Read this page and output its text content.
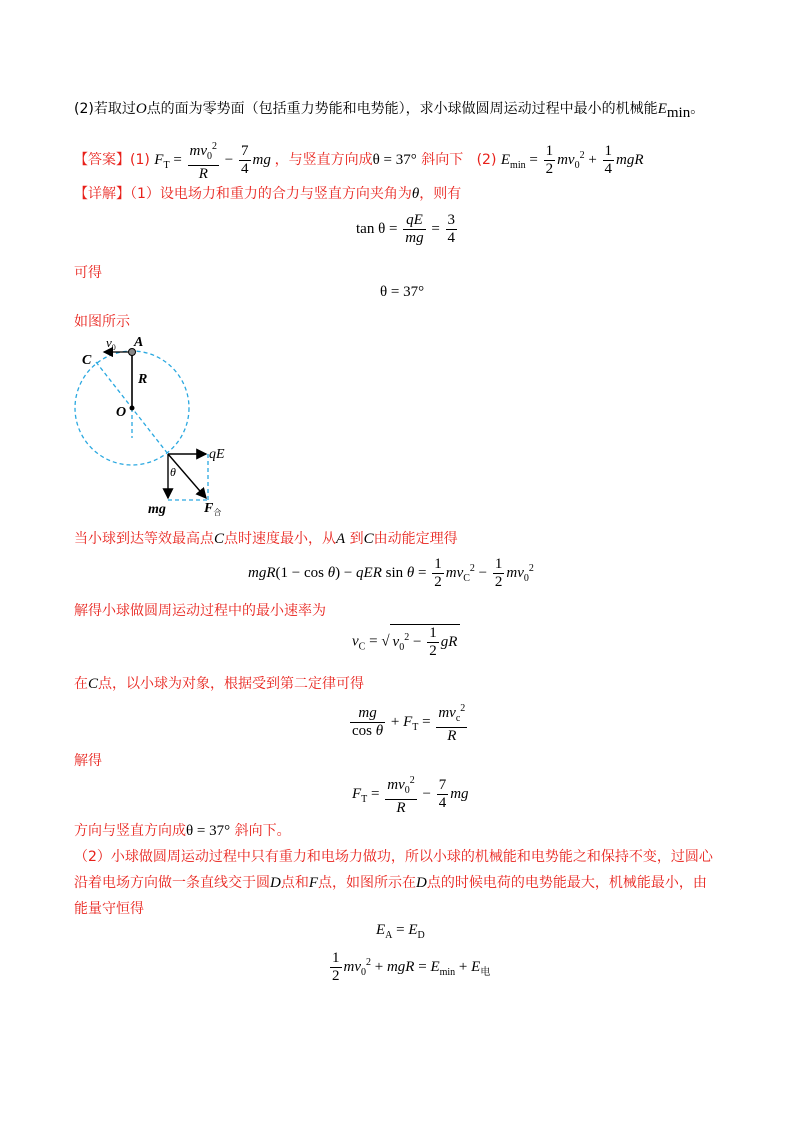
(2)若取过O点的面为零势面（包括重力势能和电势能），求小球做圆周运动过程中最小的机械能$E_{min}$。
【答案】(1) $F_T = \frac{mv_0^2}{R} - \frac{7}{4}$ mg ，与竖直方向成θ = 37° 斜向下 (2) $E_{min} = \frac{1}{2} mv_0^2 + \frac{1}{4}$ mgR
【详解】（1）设电场力和重力的合力与竖直方向夹角为θ，则有
$\tan \theta = \frac{qE}{mg} = \frac{3}{4}$
可得
θ = 37°
如图所示
$v_0$ A
C
R
O
qE
θ
mg	$F_合$
当小球到达等效最高点C点时速度最小，从A 到C由动能定理得
mgR(1 − cos θ) − qER $\sin \theta = \frac{1}{2} mv_C^2 - \frac{1}{2} mv_0^2$
解得小球做圆周运动过程中的最小速率为
$v_C$ = √ $v_0^2 - \frac{1}{2}$ gR
在C点，以小球为对象，根据受到第二定律可得
$\frac{mg}{\text{cos θ}} + F_T = \frac{mv_c^2}{R}$
解得
$F_T = \frac{mv_0^2}{R} - \frac{7}{4}$ mg
方向与竖直方向成θ = 37° 斜向下。
（2）小球做圆周运动过程中只有重力和电场力做功，所以小球的机械能和电势能之和保持不变，过圆心
沿着电场方向做一条直线交于圆D点和F点，如图所示在D点的时候电荷的电势能最大，机械能最小，由
能量守恒得
$E_A = E_D$
$\frac{1}{2} mv_0^2$ + mgR = $E_{min} + E_电$
